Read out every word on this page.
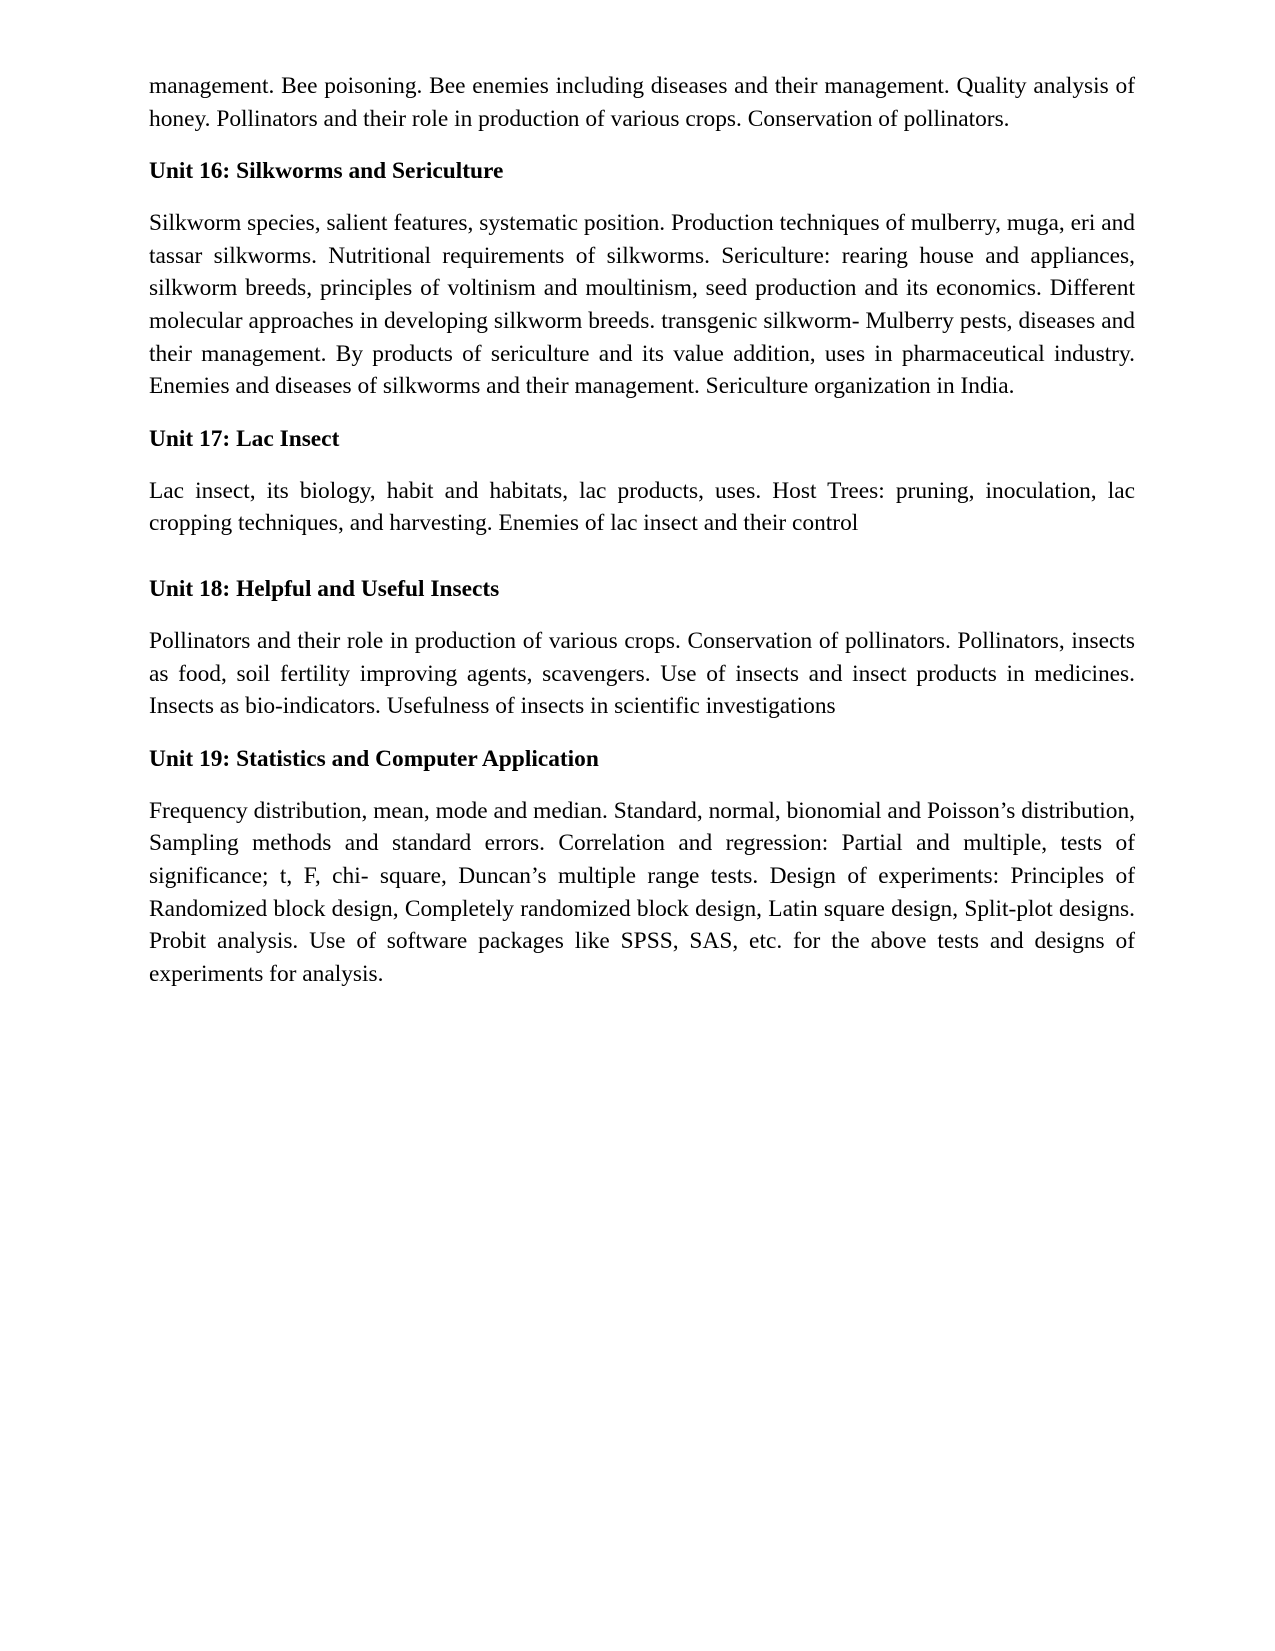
management. Bee poisoning. Bee enemies including diseases and their management. Quality analysis of honey. Pollinators and their role in production of various crops. Conservation of pollinators.

Unit 16: Silkworms and Sericulture

Silkworm species, salient features, systematic position. Production techniques of mulberry, muga, eri and tassar silkworms. Nutritional requirements of silkworms. Sericulture: rearing house and appliances, silkworm breeds, principles of voltinism and moultinism, seed production and its economics. Different molecular approaches in developing silkworm breeds. transgenic silkworm- Mulberry pests, diseases and their management. By products of sericulture and its value addition, uses in pharmaceutical industry. Enemies and diseases of silkworms and their management. Sericulture organization in India.

Unit 17: Lac Insect

Lac insect, its biology, habit and habitats, lac products, uses. Host Trees: pruning, inoculation, lac cropping techniques, and harvesting. Enemies of lac insect and their control

Unit 18: Helpful and Useful Insects

Pollinators and their role in production of various crops. Conservation of pollinators. Pollinators, insects as food, soil fertility improving agents, scavengers. Use of insects and insect products in medicines. Insects as bio-indicators. Usefulness of insects in scientific investigations

Unit 19: Statistics and Computer Application

Frequency distribution, mean, mode and median. Standard, normal, bionomial and Poisson’s distribution, Sampling methods and standard errors. Correlation and regression: Partial and multiple, tests of significance; t, F, chi- square, Duncan’s multiple range tests. Design of experiments: Principles of Randomized block design, Completely randomized block design, Latin square design, Split-plot designs. Probit analysis. Use of software packages like SPSS, SAS, etc. for the above tests and designs of experiments for analysis.
